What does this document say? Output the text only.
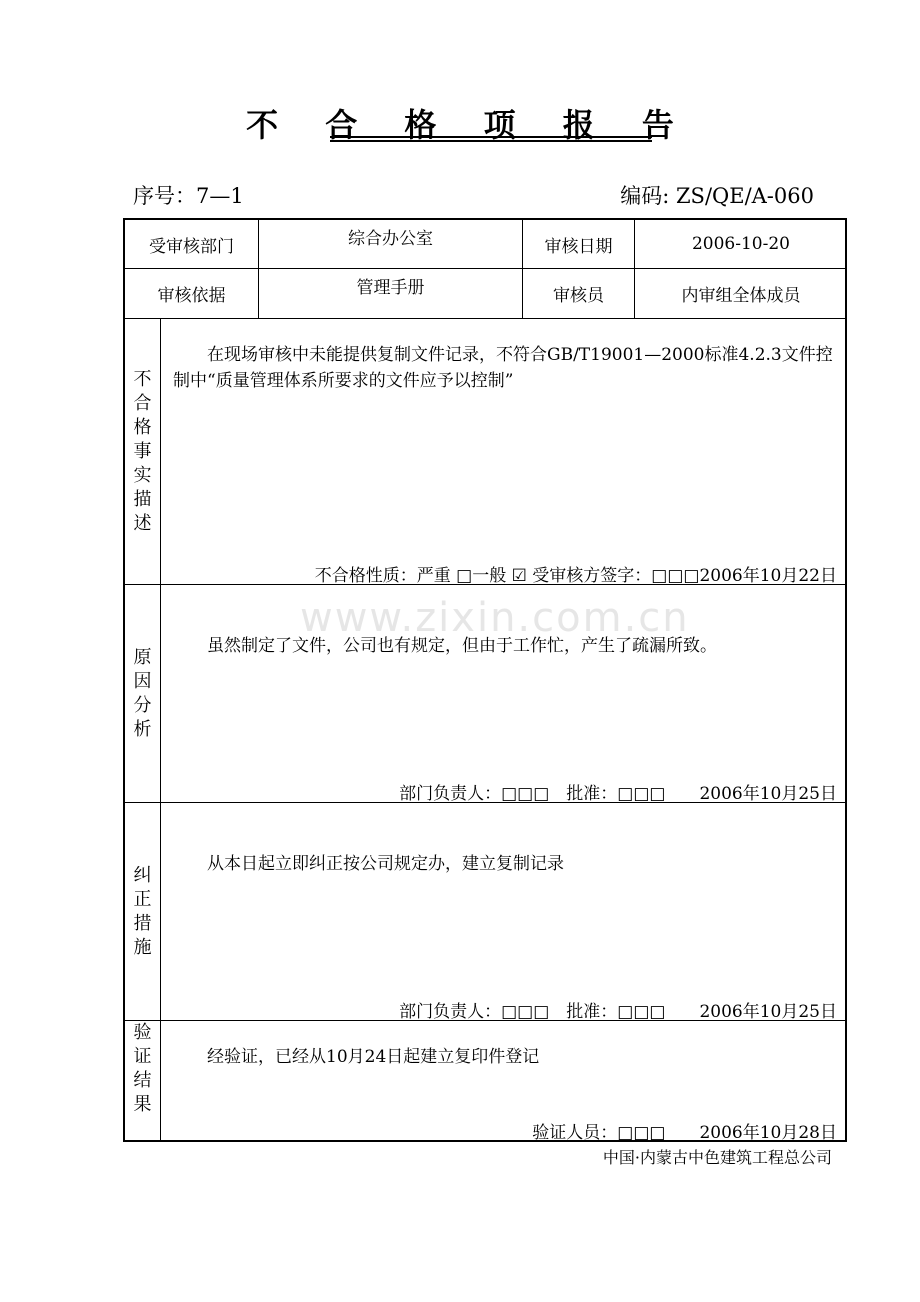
www.zixin.com.cn
不 合 格 项 报 告
序号：7—1	编码: ZS/QE/A-060
受审核部门	综合办公室	审核日期	2006-10-20
审核依据	管理手册	审核员	内审组全体成员
不合格事实描述
在现场审核中未能提供复制文件记录，不符合GB/T19001—2000标准4.2.3文件控制中“质量管理体系所要求的文件应予以控制”
不合格性质：严重 □一般 ☑ 受审核方签字：□□□2006年10月22日
原因分析
虽然制定了文件，公司也有规定，但由于工作忙，产生了疏漏所致。
部门负责人：□□□　批准：□□□　　2006年10月25日
纠正措施
从本日起立即纠正按公司规定办，建立复制记录
部门负责人：□□□　批准：□□□　　2006年10月25日
验证结果
经验证，已经从10月24日起建立复印件登记
验证人员：□□□　　2006年10月28日
中国·内蒙古中色建筑工程总公司
